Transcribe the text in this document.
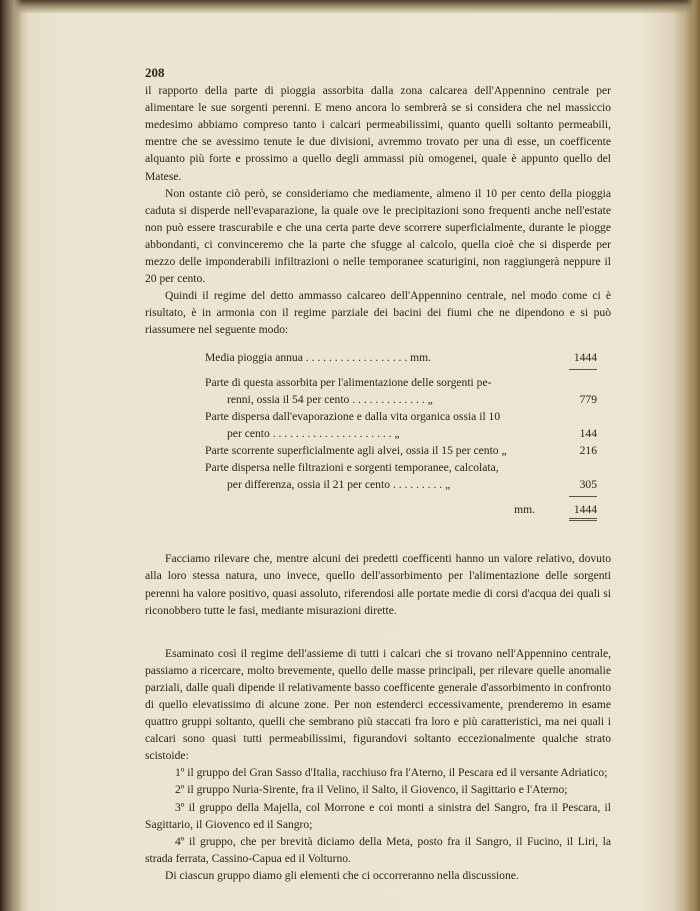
208

il rapporto della parte di pioggia assorbita dalla zona calcarea dell'Appennino centrale per alimentare le sue sorgenti perenni. E meno ancora lo sembrerà se si considera che nel massiccio medesimo abbiamo compreso tanto i calcari permeabilissimi, quanto quelli soltanto permeabili, mentre che se avessimo tenute le due divisioni, avremmo trovato per una di esse, un coefficente alquanto più forte e prossimo a quello degli ammassi più omogenei, quale è appunto quello del Matese.

Non ostante ciò però, se consideriamo che mediamente, almeno il 10 per cento della pioggia caduta si disperde nell'evaparazione, la quale ove le precipitazioni sono frequenti anche nell'estate non può essere trascurabile e che una certa parte deve scorrere superficialmente, durante le piogge abbondanti, ci convinceremo che la parte che sfugge al calcolo, quella cioè che si disperde per mezzo delle imponderabili infiltrazioni o nelle temporanee scaturigini, non raggiungerà neppure il 20 per cento.

Quindi il regime del detto ammasso calcareo dell'Appennino centrale, nel modo come ci è risultato, è in armonia con il regime parziale dei bacini dei fiumi che ne dipendono e si può riassumere nel seguente modo:

Media pioggia annua . . . . . . . . . . . . . . . . . . mm.	1444
Parte di questa assorbita per l'alimentazione delle sorgenti pe-
renni, ossia il 54 per cento . . . . . . . . . . . . . „	779
Parte dispersa dall'evaporazione e dalla vita organica ossia il 10
per cento . . . . . . . . . . . . . . . . . . . . . „	144
Parte scorrente superficialmente agli alvei, ossia il 15 per cento „	216
Parte dispersa nelle filtrazioni e sorgenti temporanee, calcolata,
per differenza, ossia il 21 per cento . . . . . . . . . „	305
mm.	1444

Facciamo rilevare che, mentre alcuni dei predetti coefficenti hanno un valore relativo, dovuto alla loro stessa natura, uno invece, quello dell'assorbimento per l'alimentazione delle sorgenti perenni ha valore positivo, quasi assoluto, riferendosi alle portate medie di corsi d'acqua dei quali si riconobbero tutte le fasi, mediante misurazioni dirette.

Esaminato così il regime dell'assieme di tutti i calcari che si trovano nell'Appennino centrale, passiamo a ricercare, molto brevemente, quello delle masse principali, per rilevare quelle anomalie parziali, dalle quali dipende il relativamente basso coefficente generale d'assorbimento in confronto di quello elevatissimo di alcune zone. Per non estenderci eccessivamente, prenderemo in esame quattro gruppi soltanto, quelli che sembrano più staccati fra loro e più caratteristici, ma nei quali i calcari sono quasi tutti permeabilissimi, figurandovi soltanto eccezionalmente qualche strato scistoide:

1º il gruppo del Gran Sasso d'Italia, racchiuso fra l'Aterno, il Pescara ed il versante Adriatico;

2º il gruppo Nuria-Sirente, fra il Velino, il Salto, il Giovenco, il Sagittario e l'Aterno;

3º il gruppo della Majella, col Morrone e coi monti a sinistra del Sangro, fra il Pescara, il Sagittario, il Giovenco ed il Sangro;

4º il gruppo, che per brevità diciamo della Meta, posto fra il Sangro, il Fucino, il Liri, la strada ferrata, Cassino-Capua ed il Volturno.

Di ciascun gruppo diamo gli elementi che ci occorreranno nella discussione.
